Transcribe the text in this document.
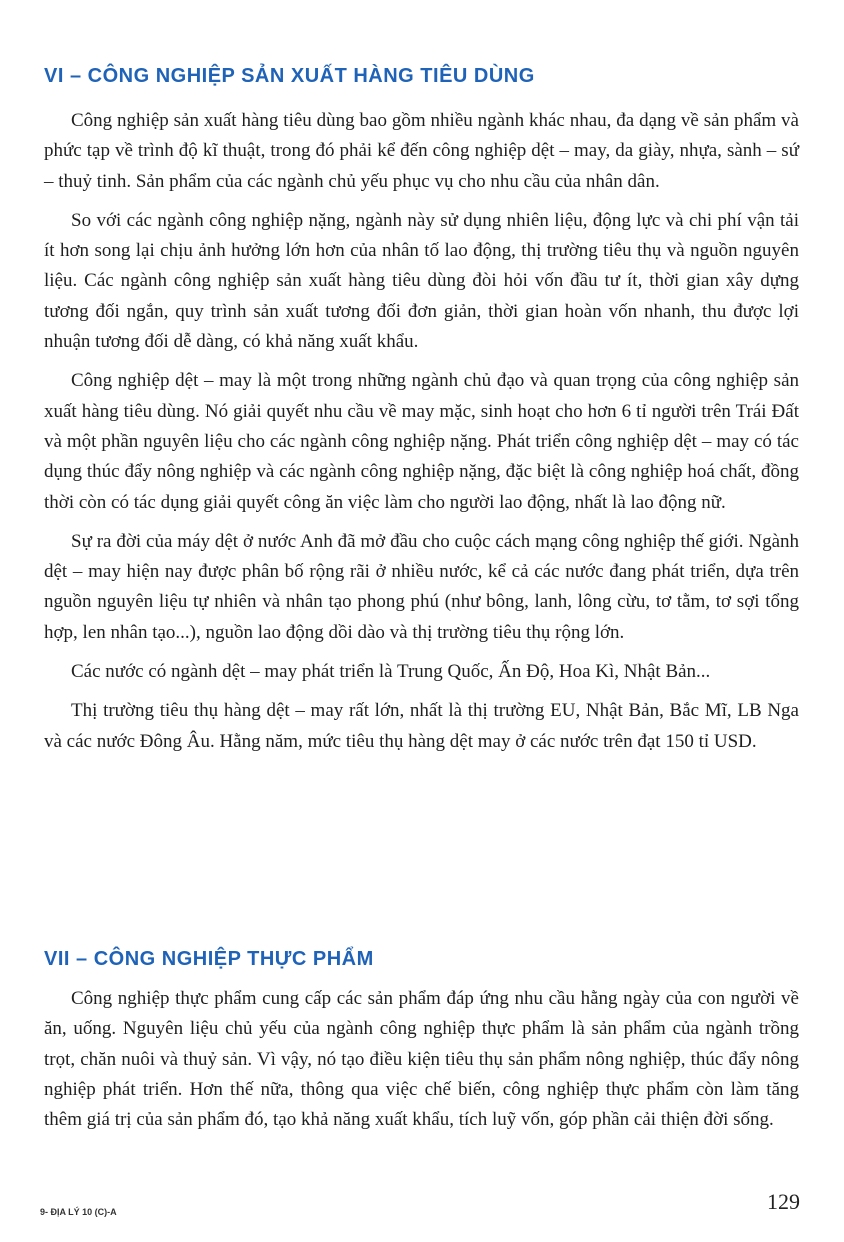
VI – CÔNG NGHIỆP SẢN XUẤT HÀNG TIÊU DÙNG

Công nghiệp sản xuất hàng tiêu dùng bao gồm nhiều ngành khác nhau, đa dạng về sản phẩm và phức tạp về trình độ kĩ thuật, trong đó phải kể đến công nghiệp dệt – may, da giày, nhựa, sành – sứ – thuỷ tinh. Sản phẩm của các ngành chủ yếu phục vụ cho nhu cầu của nhân dân.

So với các ngành công nghiệp nặng, ngành này sử dụng nhiên liệu, động lực và chi phí vận tải ít hơn song lại chịu ảnh hưởng lớn hơn của nhân tố lao động, thị trường tiêu thụ và nguồn nguyên liệu. Các ngành công nghiệp sản xuất hàng tiêu dùng đòi hỏi vốn đầu tư ít, thời gian xây dựng tương đối ngắn, quy trình sản xuất tương đối đơn giản, thời gian hoàn vốn nhanh, thu được lợi nhuận tương đối dễ dàng, có khả năng xuất khẩu.

Công nghiệp dệt – may là một trong những ngành chủ đạo và quan trọng của công nghiệp sản xuất hàng tiêu dùng. Nó giải quyết nhu cầu về may mặc, sinh hoạt cho hơn 6 tỉ người trên Trái Đất và một phần nguyên liệu cho các ngành công nghiệp nặng. Phát triển công nghiệp dệt – may có tác dụng thúc đẩy nông nghiệp và các ngành công nghiệp nặng, đặc biệt là công nghiệp hoá chất, đồng thời còn có tác dụng giải quyết công ăn việc làm cho người lao động, nhất là lao động nữ.

Sự ra đời của máy dệt ở nước Anh đã mở đầu cho cuộc cách mạng công nghiệp thế giới. Ngành dệt – may hiện nay được phân bố rộng rãi ở nhiều nước, kể cả các nước đang phát triển, dựa trên nguồn nguyên liệu tự nhiên và nhân tạo phong phú (như bông, lanh, lông cừu, tơ tằm, tơ sợi tổng hợp, len nhân tạo...), nguồn lao động dồi dào và thị trường tiêu thụ rộng lớn.

Các nước có ngành dệt – may phát triển là Trung Quốc, Ấn Độ, Hoa Kì, Nhật Bản...

Thị trường tiêu thụ hàng dệt – may rất lớn, nhất là thị trường EU, Nhật Bản, Bắc Mĩ, LB Nga và các nước Đông Âu. Hằng năm, mức tiêu thụ hàng dệt may ở các nước trên đạt 150 tỉ USD.

VII – CÔNG NGHIỆP THỰC PHẨM

Công nghiệp thực phẩm cung cấp các sản phẩm đáp ứng nhu cầu hằng ngày của con người về ăn, uống. Nguyên liệu chủ yếu của ngành công nghiệp thực phẩm là sản phẩm của ngành trồng trọt, chăn nuôi và thuỷ sản. Vì vậy, nó tạo điều kiện tiêu thụ sản phẩm nông nghiệp, thúc đẩy nông nghiệp phát triển. Hơn thế nữa, thông qua việc chế biến, công nghiệp thực phẩm còn làm tăng thêm giá trị của sản phẩm đó, tạo khả năng xuất khẩu, tích luỹ vốn, góp phần cải thiện đời sống.

9- ĐỊA LÝ 10 (C)-A	129
